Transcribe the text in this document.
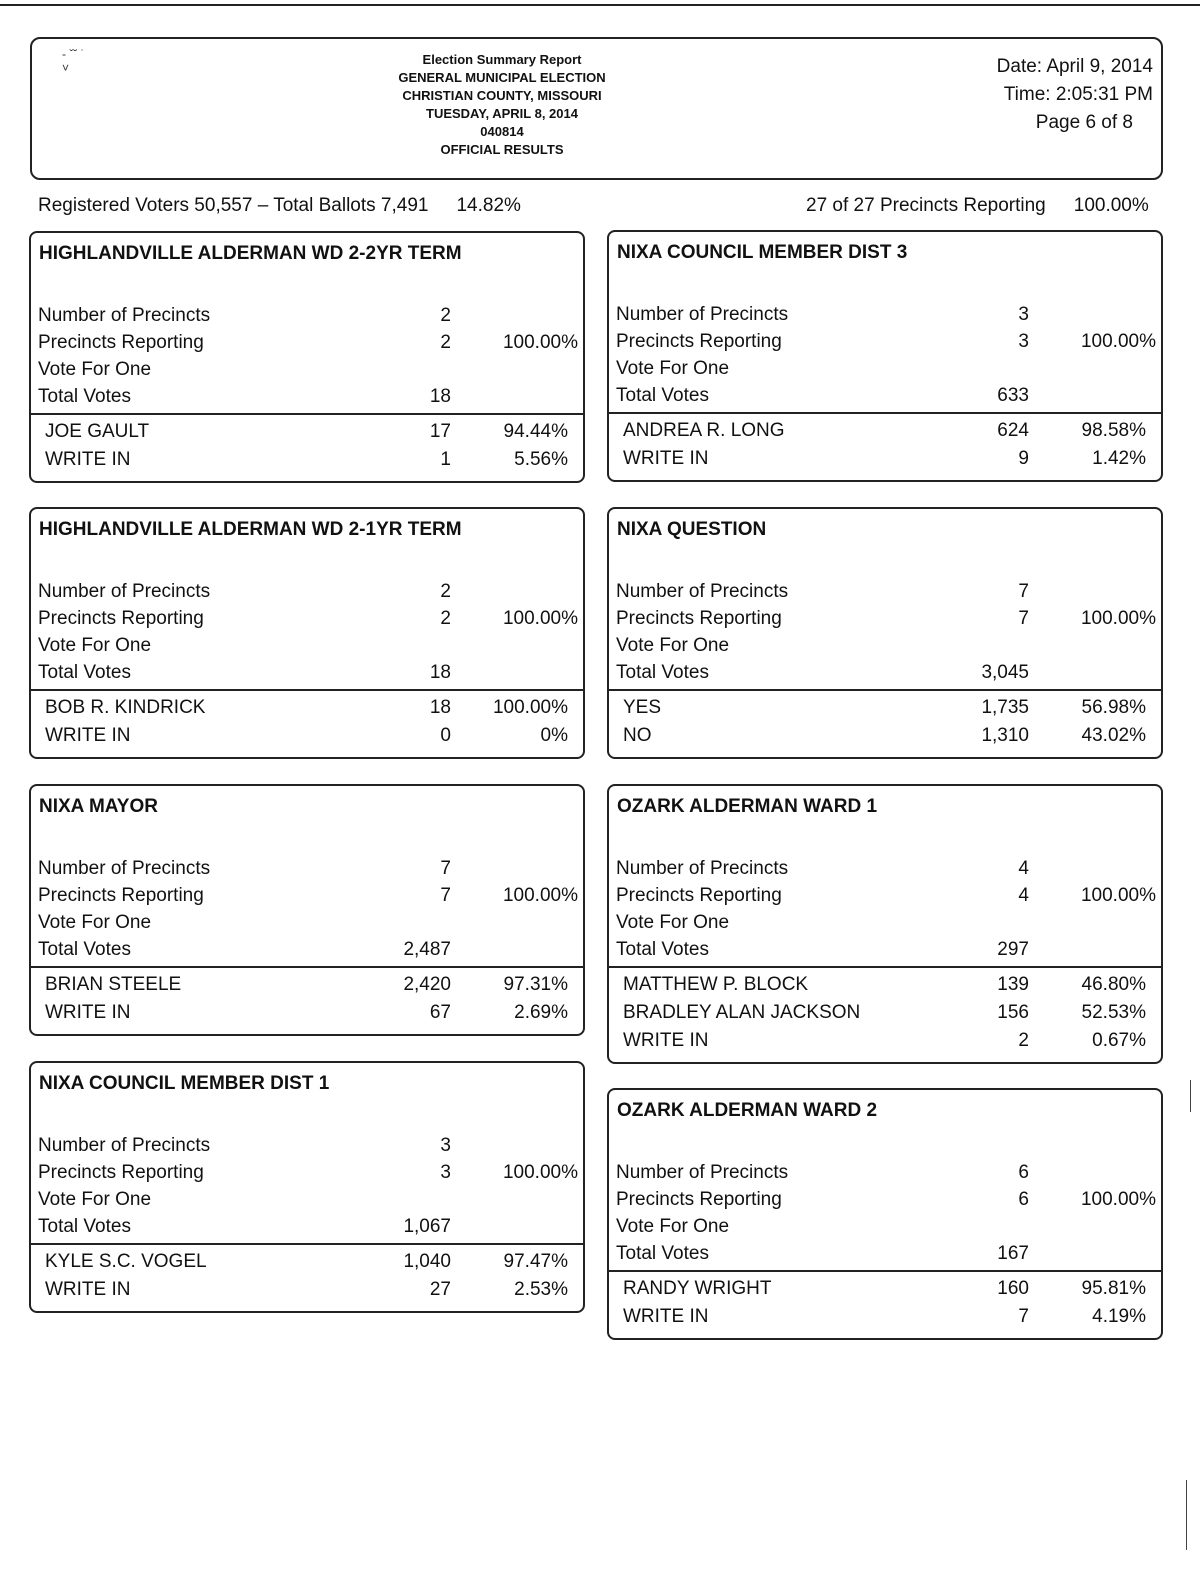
- ˇ˘ ˙
˅
Election Summary Report
GENERAL MUNICIPAL ELECTION
CHRISTIAN COUNTY, MISSOURI
TUESDAY, APRIL 8, 2014
040814
OFFICIAL RESULTS
Date: April 9, 2014
Time: 2:05:31 PM
Page 6 of 8
Registered Voters 50,557 – Total Ballots 7,491 14.82%	27 of 27 Precincts Reporting 100.00%
HIGHLANDVILLE ALDERMAN WD 2-2YR TERM
Number of Precincts	2
Precincts Reporting	2	100.00%
Vote For One
Total Votes	18
JOE GAULT	17	94.44%
WRITE IN	1	5.56%
HIGHLANDVILLE ALDERMAN WD 2-1YR TERM
Number of Precincts	2
Precincts Reporting	2	100.00%
Vote For One
Total Votes	18
BOB R. KINDRICK	18 100.00%
WRITE IN	0	0%
NIXA MAYOR
Number of Precincts	7
Precincts Reporting	7	100.00%
Vote For One
Total Votes	2,487
BRIAN STEELE	2,420	97.31%
WRITE IN	67	2.69%
NIXA COUNCIL MEMBER DIST 1
Number of Precincts	3
Precincts Reporting	3	100.00%
Vote For One
Total Votes	1,067
KYLE S.C. VOGEL	1,040	97.47%
WRITE IN	27	2.53%
NIXA COUNCIL MEMBER DIST 3
Number of Precincts	3
Precincts Reporting	3	100.00%
Vote For One
Total Votes	633
ANDREA R. LONG	624	98.58%
WRITE IN	9	1.42%
NIXA QUESTION
Number of Precincts	7
Precincts Reporting	7	100.00%
Vote For One
Total Votes	3,045
YES	1,735	56.98%
NO	1,310	43.02%
OZARK ALDERMAN WARD 1
Number of Precincts	4
Precincts Reporting	4	100.00%
Vote For One
Total Votes	297
MATTHEW P. BLOCK	139	46.80%
BRADLEY ALAN JACKSON	156	52.53%
WRITE IN	2	0.67%
OZARK ALDERMAN WARD 2
Number of Precincts	6
Precincts Reporting	6	100.00%
Vote For One
Total Votes	167
RANDY WRIGHT	160	95.81%
WRITE IN	7	4.19%
